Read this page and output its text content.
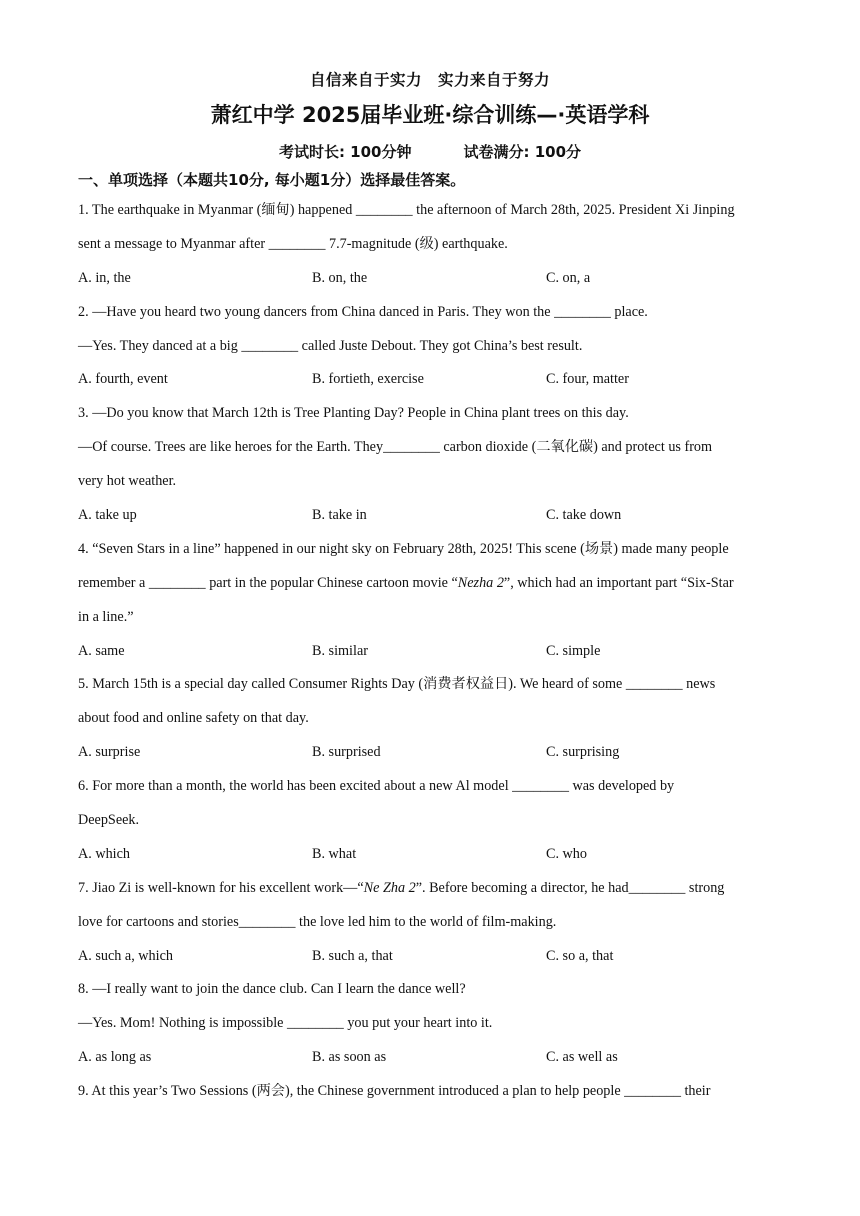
自信来自于实力　实力来自于努力
萧红中学 2025届毕业班·综合训练—·英语学科
考试时长: 100分钟	试卷满分: 100分
一、单项选择（本题共10分, 每小题1分）选择最佳答案。
1. The earthquake in Myanmar (缅甸) happened ________ the afternoon of March 28th, 2025. President Xi Jinping
sent a message to Myanmar after ________ 7.7-magnitude (级) earthquake.
A. in, the	B. on, the	C. on, a
2. —Have you heard two young dancers from China danced in Paris. They won the ________ place.
—Yes. They danced at a big ________ called Juste Debout. They got China’s best result.
A. fourth, event	B. fortieth, exercise	C. four, matter
3. —Do you know that March 12th is Tree Planting Day? People in China plant trees on this day.
—Of course. Trees are like heroes for the Earth. They________ carbon dioxide (二氧化碳) and protect us from
very hot weather.
A. take up	B. take in	C. take down
4. “Seven Stars in a line” happened in our night sky on February 28th, 2025! This scene (场景) made many people
remember a ________ part in the popular Chinese cartoon movie “Nezha 2”, which had an important part “Six-Star
in a line.”
A. same	B. similar	C. simple
5. March 15th is a special day called Consumer Rights Day (消费者权益日). We heard of some ________ news
about food and online safety on that day.
A. surprise	B. surprised	C. surprising
6. For more than a month, the world has been excited about a new Al model ________ was developed by
DeepSeek.
A. which	B. what	C. who
7. Jiao Zi is well-known for his excellent work—“Ne Zha 2”. Before becoming a director, he had________ strong
love for cartoons and stories________ the love led him to the world of film-making.
A. such a, which	B. such a, that	C. so a, that
8. —I really want to join the dance club. Can I learn the dance well?
—Yes. Mom! Nothing is impossible ________ you put your heart into it.
A. as long as	B. as soon as	C. as well as
9. At this year’s Two Sessions (两会), the Chinese government introduced a plan to help people ________ their
